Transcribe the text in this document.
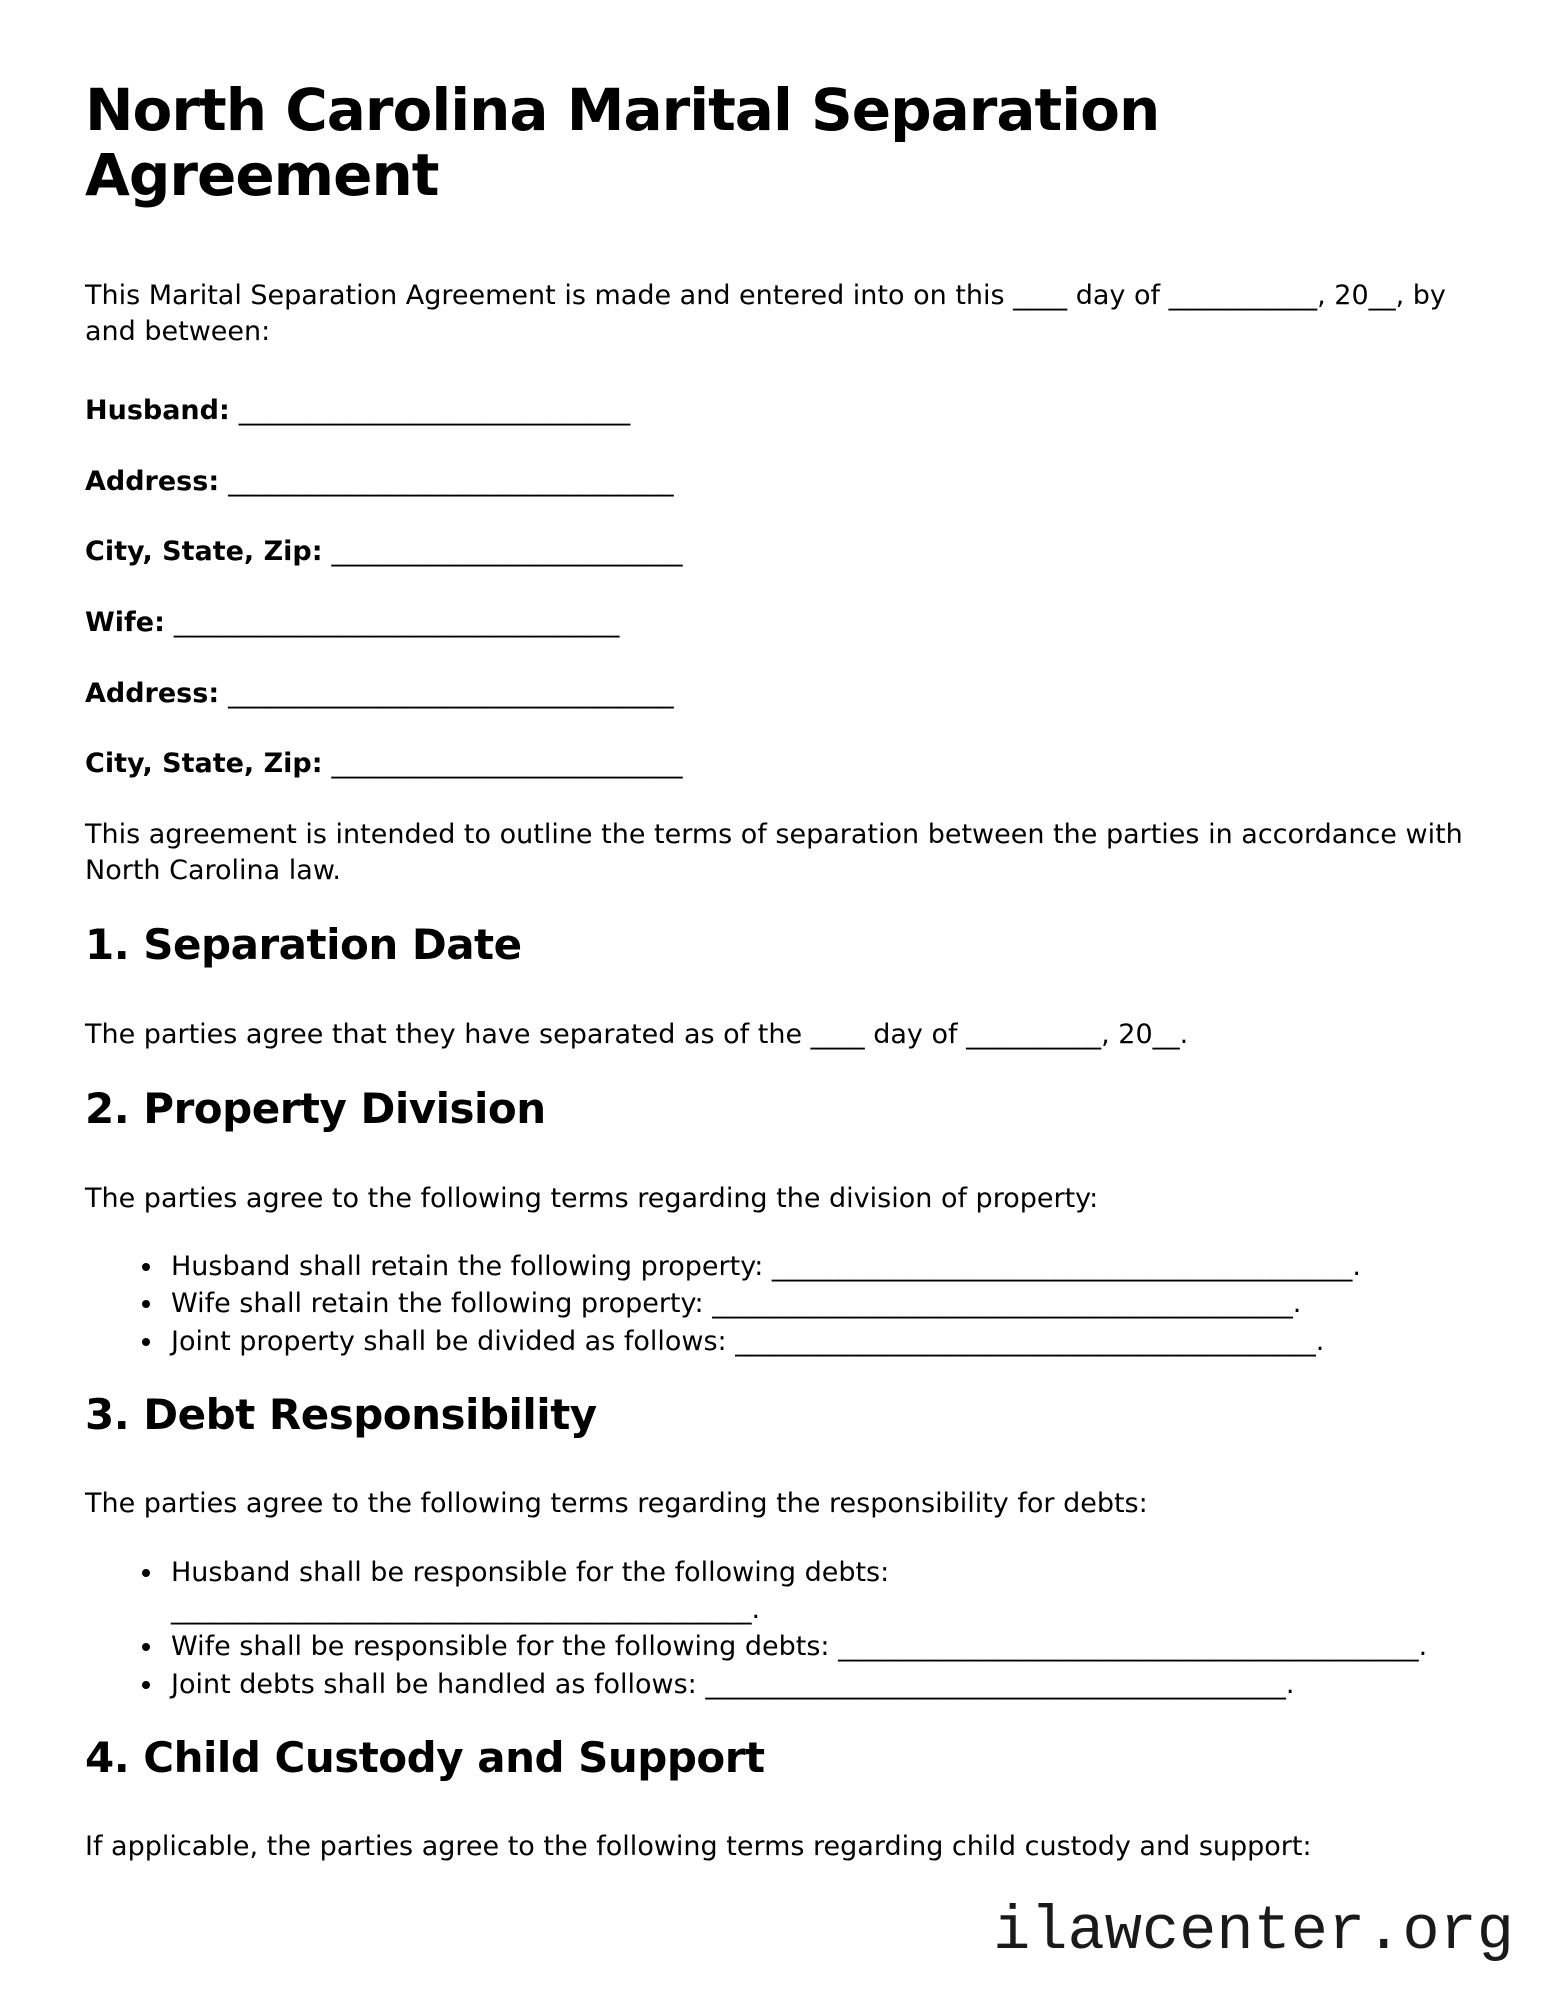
North Carolina Marital Separation Agreement

This Marital Separation Agreement is made and entered into on this ____ day of ___________, 20__, by and between:

Husband: _____________________________

Address: _________________________________

City, State, Zip: __________________________

Wife: _________________________________

Address: _________________________________

City, State, Zip: __________________________

This agreement is intended to outline the terms of separation between the parties in accordance with North Carolina law.

1. Separation Date

The parties agree that they have separated as of the ____ day of __________, 20__.

2. Property Division

The parties agree to the following terms regarding the division of property:

• Husband shall retain the following property: ___________________________________________.
• Wife shall retain the following property: ___________________________________________.
• Joint property shall be divided as follows: ___________________________________________.
3. Debt Responsibility

The parties agree to the following terms regarding the responsibility for debts:

• Husband shall be responsible for the following debts: ___________________________________________.
• Wife shall be responsible for the following debts: ___________________________________________.
• Joint debts shall be handled as follows: ___________________________________________.
4. Child Custody and Support

If applicable, the parties agree to the following terms regarding child custody and support:

ilawcenter.org
